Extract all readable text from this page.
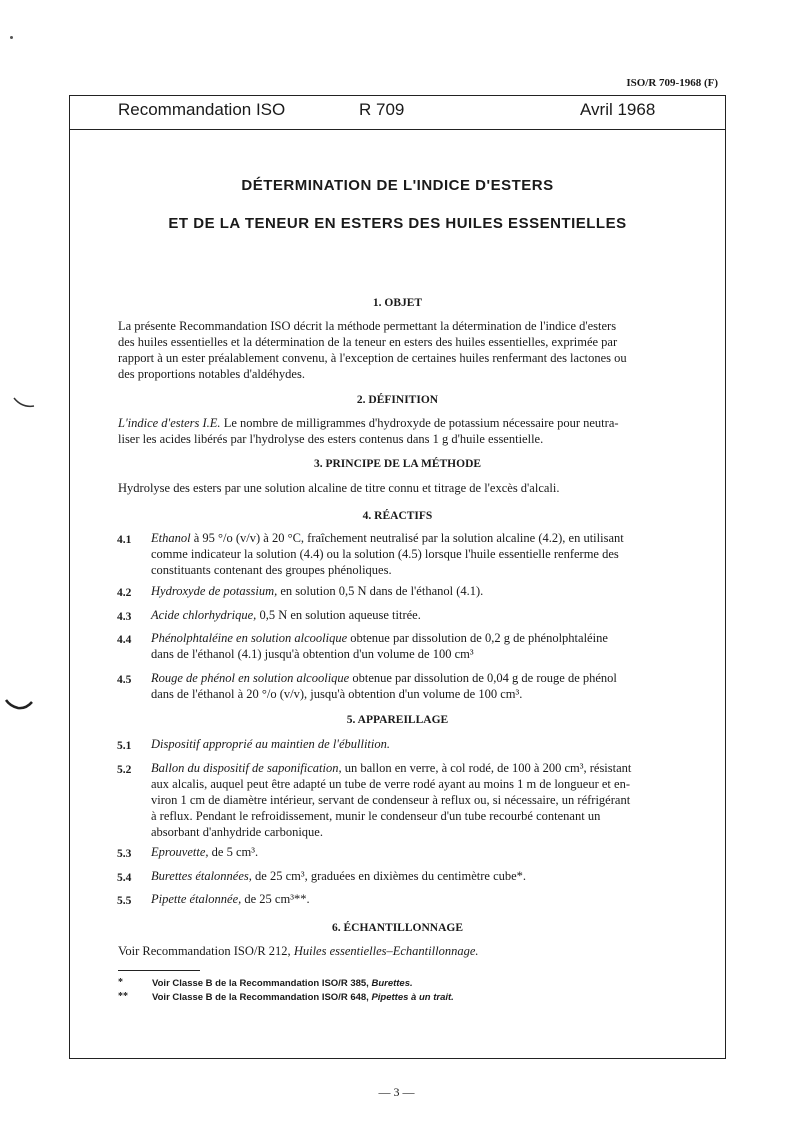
ISO/R 709-1968 (F)
Recommandation ISO	R 709	Avril 1968
DÉTERMINATION DE L'INDICE D'ESTERS
ET DE LA TENEUR EN ESTERS DES HUILES ESSENTIELLES
1. OBJET
La présente Recommandation ISO décrit la méthode permettant la détermination de l'indice d'esters
des huiles essentielles et la détermination de la teneur en esters des huiles essentielles, exprimée par
rapport à un ester préalablement convenu, à l'exception de certaines huiles renfermant des lactones ou
des proportions notables d'aldéhydes.
2. DÉFINITION
L'indice d'esters I.E. Le nombre de milligrammes d'hydroxyde de potassium nécessaire pour neutra-
liser les acides libérés par l'hydrolyse des esters contenus dans 1 g d'huile essentielle.
3. PRINCIPE DE LA MÉTHODE
Hydrolyse des esters par une solution alcaline de titre connu et titrage de l'excès d'alcali.
4. RÉACTIFS
4.1 Ethanol à 95 °/o (v/v) à 20 °C, fraîchement neutralisé par la solution alcaline (4.2), en utilisant
comme indicateur la solution (4.4) ou la solution (4.5) lorsque l'huile essentielle renferme des
constituants contenant des groupes phénoliques.
4.2 Hydroxyde de potassium, en solution 0,5 N dans de l'éthanol (4.1).
4.3 Acide chlorhydrique, 0,5 N en solution aqueuse titrée.
4.4 Phénolphtaléine en solution alcoolique obtenue par dissolution de 0,2 g de phénolphtaléine
dans de l'éthanol (4.1) jusqu'à obtention d'un volume de 100 cm³
4.5 Rouge de phénol en solution alcoolique obtenue par dissolution de 0,04 g de rouge de phénol
dans de l'éthanol à 20 °/o (v/v), jusqu'à obtention d'un volume de 100 cm³.
5. APPAREILLAGE
5.1 Dispositif approprié au maintien de l'ébullition.
5.2 Ballon du dispositif de saponification, un ballon en verre, à col rodé, de 100 à 200 cm³, résistant
aux alcalis, auquel peut être adapté un tube de verre rodé ayant au moins 1 m de longueur et en-
viron 1 cm de diamètre intérieur, servant de condenseur à reflux ou, si nécessaire, un réfrigérant
à reflux. Pendant le refroidissement, munir le condenseur d'un tube recourbé contenant un
absorbant d'anhydride carbonique.
5.3 Eprouvette, de 5 cm³.
5.4 Burettes étalonnées, de 25 cm³, graduées en dixièmes du centimètre cube*.
5.5 Pipette étalonnée, de 25 cm³**.
6. ÉCHANTILLONNAGE
Voir Recommandation ISO/R 212, Huiles essentielles–Echantillonnage.
*	Voir Classe B de la Recommandation ISO/R 385, Burettes.
**	Voir Classe B de la Recommandation ISO/R 648, Pipettes à un trait.
— 3 —
